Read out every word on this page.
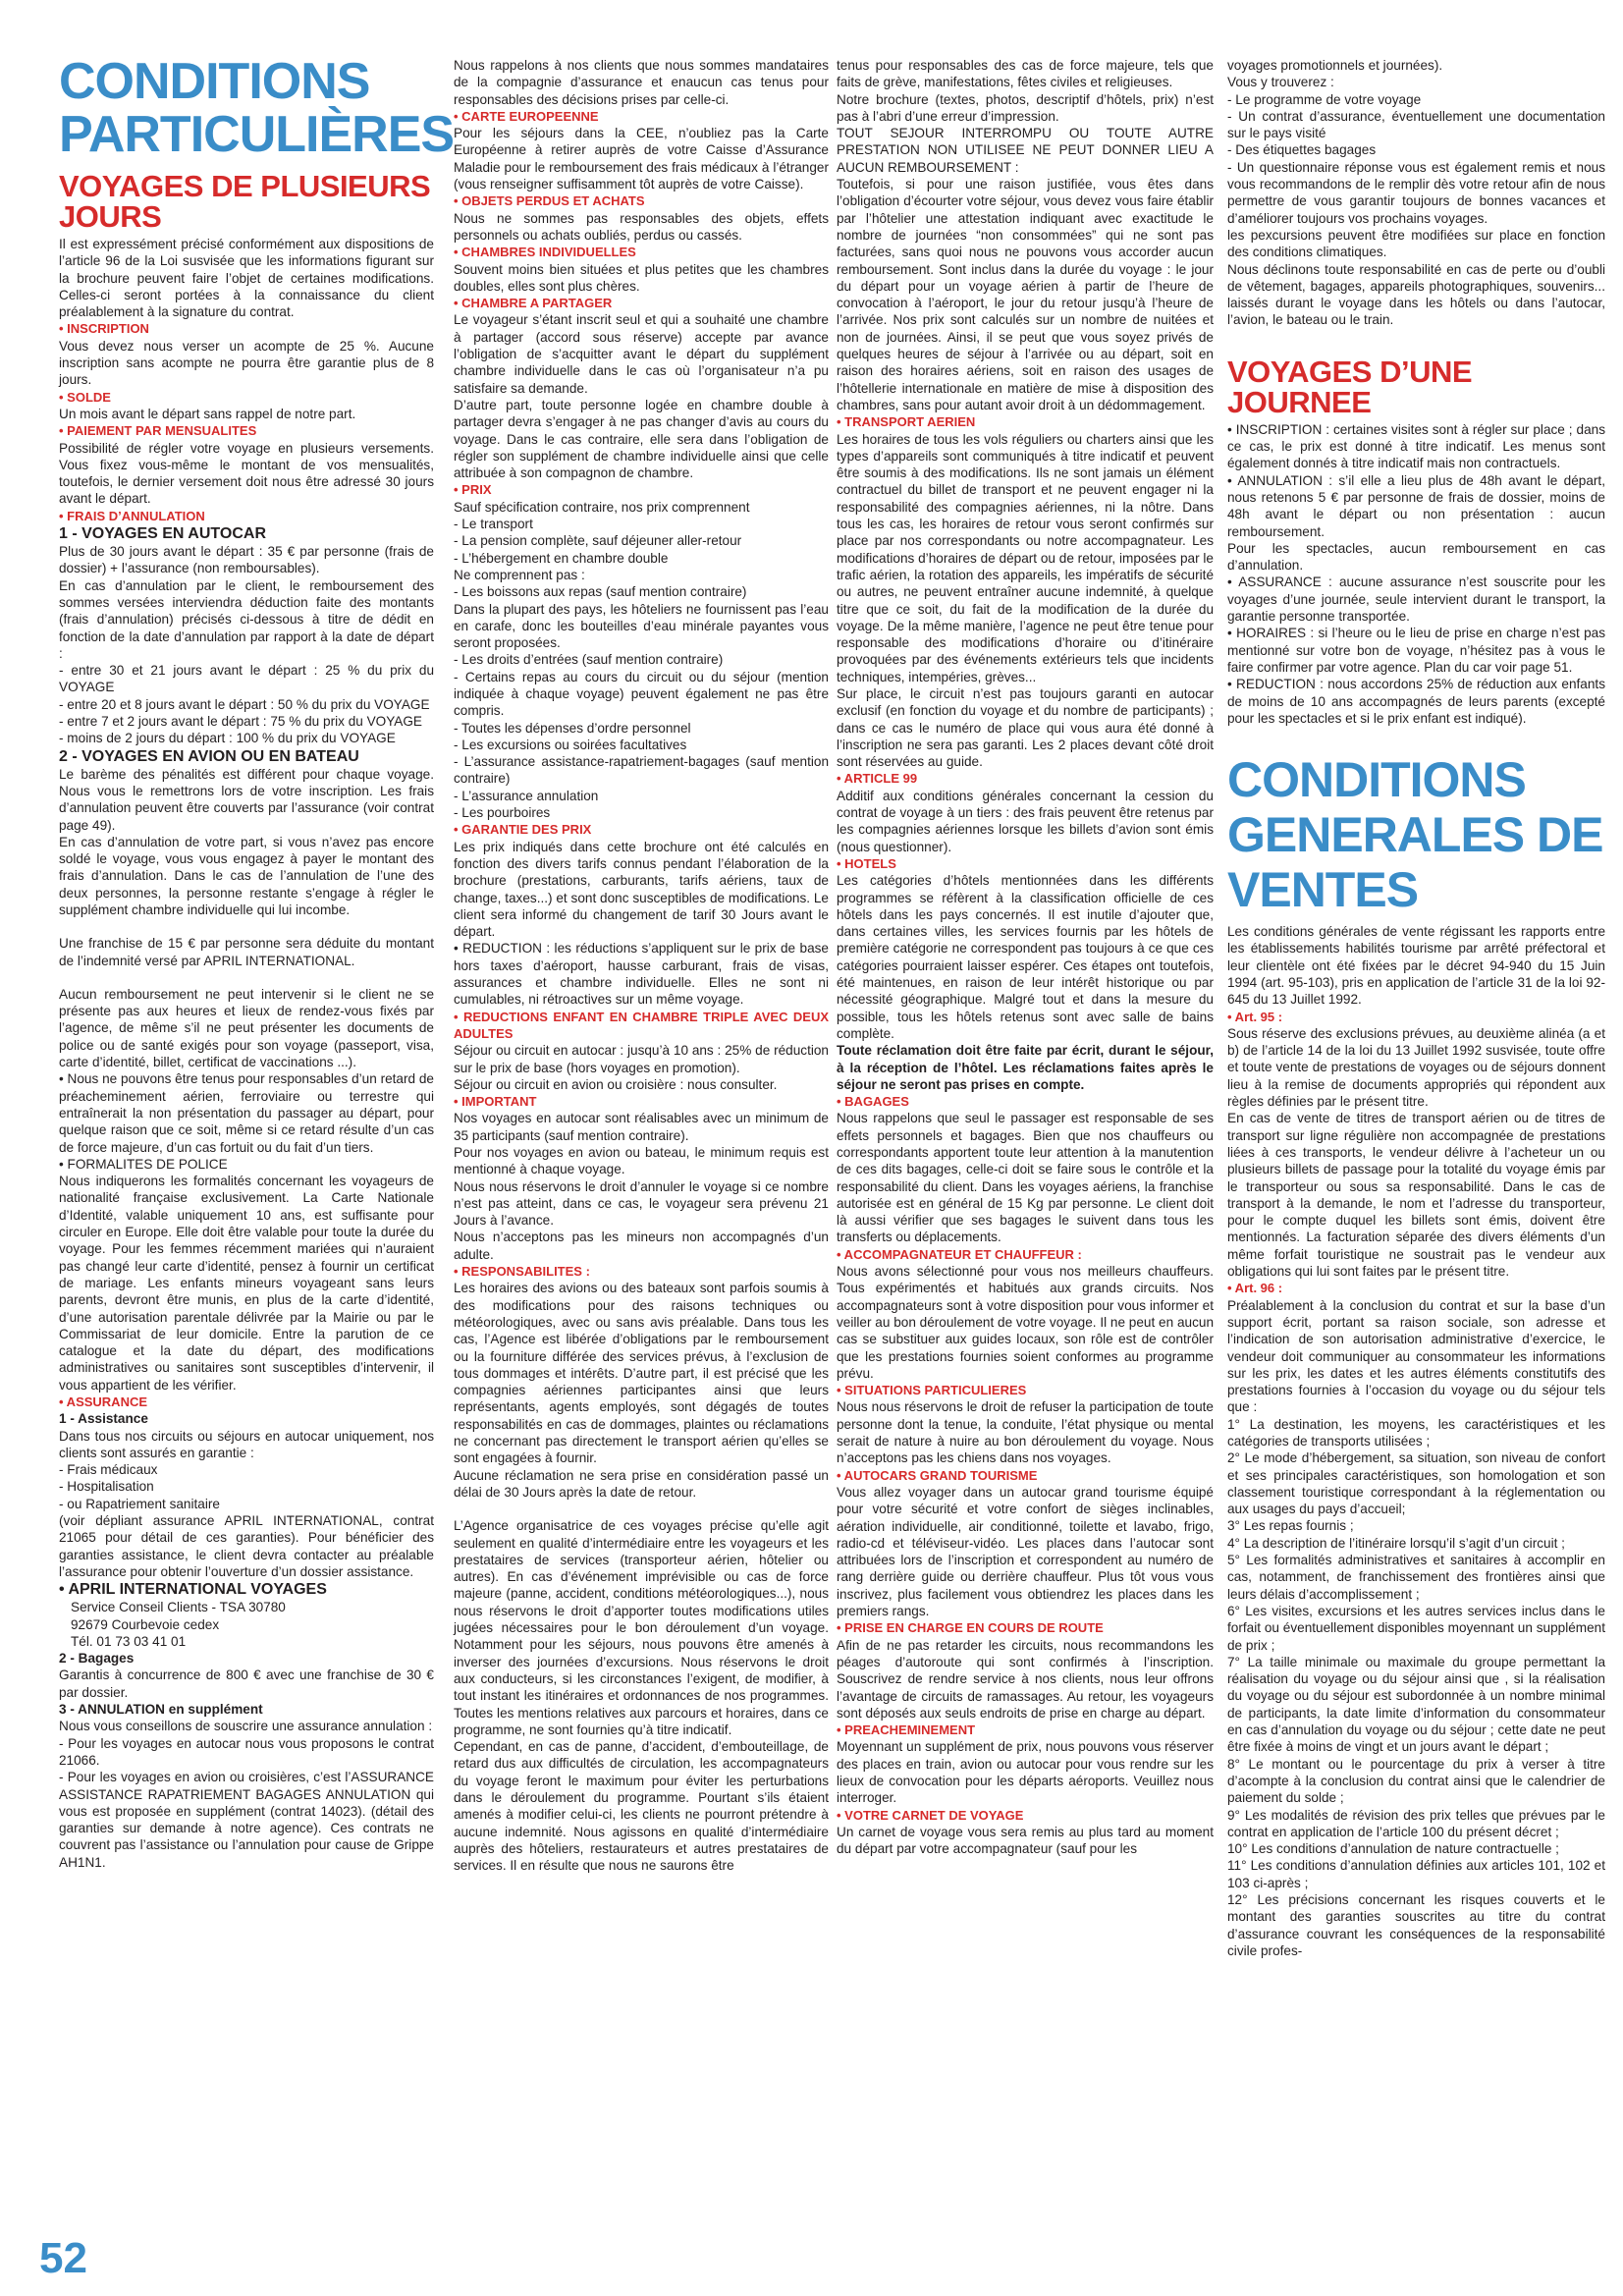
CONDITIONS PARTICULIÈRES
VOYAGES DE PLUSIEURS JOURS

Il est expressément précisé conformément aux dispositions de l’article 96 de la Loi susvisée que les informations figurant sur la brochure peuvent faire l’objet de certaines modifications. Celles-ci seront portées à la connaissance du client préalablement à la signature du contrat.

• INSCRIPTION

Vous devez nous verser un acompte de 25 %. Aucune inscription sans acompte ne pourra être garantie plus de 8 jours.

• SOLDE

Un mois avant le départ sans rappel de notre part.

• PAIEMENT PAR MENSUALITES

Possibilité de régler votre voyage en plusieurs versements. Vous fixez vous-même le montant de vos mensualités, toutefois, le dernier versement doit nous être adressé 30 jours avant le départ.

• FRAIS D’ANNULATION

1 - VOYAGES EN AUTOCAR

Plus de 30 jours avant le départ : 35 € par personne (frais de dossier) + l’assurance (non remboursables).

En cas d’annulation par le client, le remboursement des sommes versées interviendra déduction faite des montants (frais d’annulation) précisés ci-dessous à titre de dédit en fonction de la date d’annulation par rapport à la date de départ :

- entre 30 et 21 jours avant le départ : 25 % du prix du VOYAGE

- entre 20 et 8 jours avant le départ : 50 % du prix du VOYAGE

- entre 7 et 2 jours avant le départ : 75 % du prix du VOYAGE

- moins de 2 jours du départ : 100 % du prix du VOYAGE

2 - VOYAGES EN AVION OU EN BATEAU

Le barème des pénalités est différent pour chaque voyage. Nous vous le remettrons lors de votre inscription. Les frais d’annulation peuvent être couverts par l’assurance (voir contrat page 49).

En cas d’annulation de votre part, si vous n’avez pas encore soldé le voyage, vous vous engagez à payer le montant des frais d’annulation. Dans le cas de l’annulation de l’une des deux personnes, la personne restante s’engage à régler le supplément chambre individuelle qui lui incombe.

Une franchise de 15 € par personne sera déduite du montant de l’indemnité versé par APRIL INTERNATIONAL.

Aucun remboursement ne peut intervenir si le client ne se présente pas aux heures et lieux de rendez-vous fixés par l’agence, de même s’il ne peut présenter les documents de police ou de santé exigés pour son voyage (passeport, visa, carte d’identité, billet, certificat de vaccinations ...).

• Nous ne pouvons être tenus pour responsables d’un retard de préacheminement aérien, ferroviaire ou terrestre qui entraînerait la non présentation du passager au départ, pour quelque raison que ce soit, même si ce retard résulte d’un cas de force majeure, d’un cas fortuit ou du fait d’un tiers.

• FORMALITES DE POLICE

Nous indiquerons les formalités concernant les voyageurs de nationalité française exclusivement. La Carte Nationale d’Identité, valable uniquement 10 ans, est suffisante pour circuler en Europe. Elle doit être valable pour toute la durée du voyage. Pour les femmes récemment mariées qui n’auraient pas changé leur carte d’identité, pensez à fournir un certificat de mariage. Les enfants mineurs voyageant sans leurs parents, devront être munis, en plus de la carte d’identité, d’une autorisation parentale délivrée par la Mairie ou par le Commissariat de leur domicile. Entre la parution de ce catalogue et la date du départ, des modifications administratives ou sanitaires sont susceptibles d’intervenir, il vous appartient de les vérifier.

• ASSURANCE

1 - Assistance

Dans tous nos circuits ou séjours en autocar uniquement, nos clients sont assurés en garantie :

- Frais médicaux

- Hospitalisation

- ou Rapatriement sanitaire

(voir dépliant assurance APRIL INTERNATIONAL, contrat 21065 pour détail de ces garanties). Pour bénéficier des garanties assistance, le client devra contacter au préalable l’assurance pour obtenir l’ouverture d’un dossier assistance.

• APRIL INTERNATIONAL VOYAGES

Service Conseil Clients - TSA 30780

92679 Courbevoie cedex

Tél. 01 73 03 41 01

2 - Bagages

Garantis à concurrence de 800 € avec une franchise de 30 € par dossier.

3 - ANNULATION en supplément

Nous vous conseillons de souscrire une assurance annulation :

- Pour les voyages en autocar nous vous proposons le contrat 21066.

- Pour les voyages en avion ou croisières, c’est l’ASSURANCE ASSISTANCE RAPATRIEMENT BAGAGES ANNULATION qui vous est proposée en supplément (contrat 14023). (détail des garanties sur demande à notre agence). Ces contrats ne couvrent pas l’assistance ou l’annulation pour cause de Grippe AH1N1.

Nous rappelons à nos clients que nous sommes mandataires de la compagnie d’assurance et enaucun cas tenus pour responsables des décisions prises par celle-ci.

• CARTE EUROPEENNE

Pour les séjours dans la CEE, n’oubliez pas la Carte Européenne à retirer auprès de votre Caisse d’Assurance Maladie pour le remboursement des frais médicaux à l’étranger (vous renseigner suffisamment tôt auprès de votre Caisse).

• OBJETS PERDUS ET ACHATS

Nous ne sommes pas responsables des objets, effets personnels ou achats oubliés, perdus ou cassés.

• CHAMBRES INDIVIDUELLES

Souvent moins bien situées et plus petites que les chambres doubles, elles sont plus chères.

• CHAMBRE A PARTAGER

Le voyageur s’étant inscrit seul et qui a souhaité une chambre à partager (accord sous réserve) accepte par avance l’obligation de s’acquitter avant le départ du supplément chambre individuelle dans le cas où l’organisateur n’a pu satisfaire sa demande.

D’autre part, toute personne logée en chambre double à partager devra s’engager à ne pas changer d’avis au cours du voyage. Dans le cas contraire, elle sera dans l’obligation de régler son supplément de chambre individuelle ainsi que celle attribuée à son compagnon de chambre.

• PRIX

Sauf spécification contraire, nos prix comprennent

- Le transport

- La pension complète, sauf déjeuner aller-retour

- L’hébergement en chambre double

Ne comprennent pas :

- Les boissons aux repas (sauf mention contraire)

Dans la plupart des pays, les hôteliers ne fournissent pas l’eau en carafe, donc les bouteilles d’eau minérale payantes vous seront proposées.

- Les droits d’entrées (sauf mention contraire)

- Certains repas au cours du circuit ou du séjour (mention indiquée à chaque voyage) peuvent également ne pas être compris.

- Toutes les dépenses d’ordre personnel

- Les excursions ou soirées facultatives

- L’assurance assistance-rapatriement-bagages (sauf mention contraire)

- L’assurance annulation

- Les pourboires

• GARANTIE DES PRIX

Les prix indiqués dans cette brochure ont été calculés en fonction des divers tarifs connus pendant l’élaboration de la brochure (prestations, carburants, tarifs aériens, taux de change, taxes...) et sont donc susceptibles de modifications. Le client sera informé du changement de tarif 30 Jours avant le départ.

• REDUCTION : les réductions s’appliquent sur le prix de base hors taxes d’aéroport, hausse carburant, frais de visas, assurances et chambre individuelle. Elles ne sont ni cumulables, ni rétroactives sur un même voyage.

• REDUCTIONS ENFANT EN CHAMBRE TRIPLE AVEC DEUX ADULTES

Séjour ou circuit en autocar : jusqu’à 10 ans : 25% de réduction sur le prix de base (hors voyages en promotion).

Séjour ou circuit en avion ou croisière : nous consulter.

• IMPORTANT

Nos voyages en autocar sont réalisables avec un minimum de 35 participants (sauf mention contraire).

Pour nos voyages en avion ou bateau, le minimum requis est mentionné à chaque voyage.

Nous nous réservons le droit d’annuler le voyage si ce nombre n’est pas atteint, dans ce cas, le voyageur sera prévenu 21 Jours à l’avance.

Nous n’acceptons pas les mineurs non accompagnés d’un adulte.

• RESPONSABILITES :

Les horaires des avions ou des bateaux sont parfois soumis à des modifications pour des raisons techniques ou météorologiques, avec ou sans avis préalable. Dans tous les cas, l’Agence est libérée d’obligations par le remboursement ou la fourniture différée des services prévus, à l’exclusion de tous dommages et intérêts. D’autre part, il est précisé que les compagnies aériennes participantes ainsi que leurs représentants, agents employés, sont dégagés de toutes responsabilités en cas de dommages, plaintes ou réclamations ne concernant pas directement le transport aérien qu’elles se sont engagées à fournir.

Aucune réclamation ne sera prise en considération passé un délai de 30 Jours après la date de retour.

L’Agence organisatrice de ces voyages précise qu’elle agit seulement en qualité d’intermédiaire entre les voyageurs et les prestataires de services (transporteur aérien, hôtelier ou autres). En cas d’événement imprévisible ou cas de force majeure (panne, accident, conditions météorologiques...), nous nous réservons le droit d’apporter toutes modifications utiles jugées nécessaires pour le bon déroulement d’un voyage. Notamment pour les séjours, nous pouvons être amenés à inverser des journées d’excursions. Nous réservons le droit aux conducteurs, si les circonstances l’exigent, de modifier, à tout instant les itinéraires et ordonnances de nos programmes. Toutes les mentions relatives aux parcours et horaires, dans ce programme, ne sont fournies qu’à titre indicatif.

Cependant, en cas de panne, d’accident, d’embouteillage, de retard dus aux difficultés de circulation, les accompagnateurs du voyage feront le maximum pour éviter les perturbations dans le déroulement du programme. Pourtant s’ils étaient amenés à modifier celui-ci, les clients ne pourront prétendre à aucune indemnité. Nous agissons en qualité d’intermédiaire auprès des hôteliers, restaurateurs et autres prestataires de services. Il en résulte que nous ne saurons être

tenus pour responsables des cas de force majeure, tels que faits de grève, manifestations, fêtes civiles et religieuses.

Notre brochure (textes, photos, descriptif d’hôtels, prix) n’est pas à l’abri d’une erreur d’impression.

TOUT SEJOUR INTERROMPU OU TOUTE AUTRE PRESTATION NON UTILISEE NE PEUT DONNER LIEU A AUCUN REMBOURSEMENT :

Toutefois, si pour une raison justifiée, vous êtes dans l’obligation d’écourter votre séjour, vous devez vous faire établir par l’hôtelier une attestation indiquant avec exactitude le nombre de journées “non consommées” qui ne sont pas facturées, sans quoi nous ne pouvons vous accorder aucun remboursement. Sont inclus dans la durée du voyage : le jour du départ pour un voyage aérien à partir de l’heure de convocation à l’aéroport, le jour du retour jusqu’à l’heure de l’arrivée. Nos prix sont calculés sur un nombre de nuitées et non de journées. Ainsi, il se peut que vous soyez privés de quelques heures de séjour à l’arrivée ou au départ, soit en raison des horaires aériens, soit en raison des usages de l’hôtellerie internationale en matière de mise à disposition des chambres, sans pour autant avoir droit à un dédommagement.

• TRANSPORT AERIEN

Les horaires de tous les vols réguliers ou charters ainsi que les types d’appareils sont communiqués à titre indicatif et peuvent être soumis à des modifications. Ils ne sont jamais un élément contractuel du billet de transport et ne peuvent engager ni la responsabilité des compagnies aériennes, ni la nôtre. Dans tous les cas, les horaires de retour vous seront confirmés sur place par nos correspondants ou notre accompagnateur. Les modifications d’horaires de départ ou de retour, imposées par le trafic aérien, la rotation des appareils, les impératifs de sécurité ou autres, ne peuvent entraîner aucune indemnité, à quelque titre que ce soit, du fait de la modification de la durée du voyage. De la même manière, l’agence ne peut être tenue pour responsable des modifications d’horaire ou d’itinéraire provoquées par des événements extérieurs tels que incidents techniques, intempéries, grèves...

Sur place, le circuit n’est pas toujours garanti en autocar exclusif (en fonction du voyage et du nombre de participants) ; dans ce cas le numéro de place qui vous aura été donné à l’inscription ne sera pas garanti. Les 2 places devant côté droit sont réservées au guide.

• ARTICLE 99

Additif aux conditions générales concernant la cession du contrat de voyage à un tiers : des frais peuvent être retenus par les compagnies aériennes lorsque les billets d’avion sont émis (nous questionner).

• HOTELS

Les catégories d’hôtels mentionnées dans les différents programmes se réfèrent à la classification officielle de ces hôtels dans les pays concernés. Il est inutile d’ajouter que, dans certaines villes, les services fournis par les hôtels de première catégorie ne correspondent pas toujours à ce que ces catégories pourraient laisser espérer. Ces étapes ont toutefois, été maintenues, en raison de leur intérêt historique ou par nécessité géographique. Malgré tout et dans la mesure du possible, tous les hôtels retenus sont avec salle de bains complète.

Toute réclamation doit être faite par écrit, durant le séjour, à la réception de l’hôtel. Les réclamations faites après le séjour ne seront pas prises en compte.

• BAGAGES

Nous rappelons que seul le passager est responsable de ses effets personnels et bagages. Bien que nos chauffeurs ou correspondants apportent toute leur attention à la manutention de ces dits bagages, celle-ci doit se faire sous le contrôle et la responsabilité du client. Dans les voyages aériens, la franchise autorisée est en général de 15 Kg par personne. Le client doit là aussi vérifier que ses bagages le suivent dans tous les transferts ou déplacements.

• ACCOMPAGNATEUR ET CHAUFFEUR :

Nous avons sélectionné pour vous nos meilleurs chauffeurs. Tous expérimentés et habitués aux grands circuits. Nos accompagnateurs sont à votre disposition pour vous informer et veiller au bon déroulement de votre voyage. Il ne peut en aucun cas se substituer aux guides locaux, son rôle est de contrôler que les prestations fournies soient conformes au programme prévu.

• SITUATIONS PARTICULIERES

Nous nous réservons le droit de refuser la participation de toute personne dont la tenue, la conduite, l’état physique ou mental serait de nature à nuire au bon déroulement du voyage. Nous n’acceptons pas les chiens dans nos voyages.

• AUTOCARS GRAND TOURISME

Vous allez voyager dans un autocar grand tourisme équipé pour votre sécurité et votre confort de sièges inclinables, aération individuelle, air conditionné, toilette et lavabo, frigo, radio-cd et téléviseur-vidéo. Les places dans l’autocar sont attribuées lors de l’inscription et correspondent au numéro de rang derrière guide ou derrière chauffeur. Plus tôt vous vous inscrivez, plus facilement vous obtiendrez les places dans les premiers rangs.

• PRISE EN CHARGE EN COURS DE ROUTE

Afin de ne pas retarder les circuits, nous recommandons les péages d’autoroute qui sont confirmés à l’inscription. Souscrivez de rendre service à nos clients, nous leur offrons l’avantage de circuits de ramassages. Au retour, les voyageurs sont déposés aux seuls endroits de prise en charge au départ.

• PREACHEMINEMENT

Moyennant un supplément de prix, nous pouvons vous réserver des places en train, avion ou autocar pour vous rendre sur les lieux de convocation pour les départs aéroports. Veuillez nous interroger.

• VOTRE CARNET DE VOYAGE

Un carnet de voyage vous sera remis au plus tard au moment du départ par votre accompagnateur (sauf pour les

voyages promotionnels et journées).

Vous y trouverez :

- Le programme de votre voyage

- Un contrat d’assurance, éventuellement une documentation sur le pays visité

- Des étiquettes bagages

- Un questionnaire réponse vous est également remis et nous vous recommandons de le remplir dès votre retour afin de nous permettre de vous garantir toujours de bonnes vacances et d’améliorer toujours vos prochains voyages.

les pexcursions peuvent être modifiées sur place en fonction des conditions climatiques.

Nous déclinons toute responsabilité en cas de perte ou d’oubli de vêtement, bagages, appareils photographiques, souvenirs... laissés durant le voyage dans les hôtels ou dans l’autocar, l’avion, le bateau ou le train.

VOYAGES D’UNE JOURNEE

• INSCRIPTION : certaines visites sont à régler sur place ; dans ce cas, le prix est donné à titre indicatif. Les menus sont également donnés à titre indicatif mais non contractuels.

• ANNULATION : s’il elle a lieu plus de 48h avant le départ, nous retenons 5 € par personne de frais de dossier, moins de 48h avant le départ ou non présentation : aucun remboursement.

Pour les spectacles, aucun remboursement en cas d’annulation.

• ASSURANCE : aucune assurance n’est souscrite pour les voyages d’une journée, seule intervient durant le transport, la garantie personne transportée.

• HORAIRES : si l’heure ou le lieu de prise en charge n’est pas mentionné sur votre bon de voyage, n’hésitez pas à vous le faire confirmer par votre agence. Plan du car voir page 51.

• REDUCTION : nous accordons 25% de réduction aux enfants de moins de 10 ans accompagnés de leurs parents (excepté pour les spectacles et si le prix enfant est indiqué).

CONDITIONS GENERALES DE VENTES

Les conditions générales de vente régissant les rapports entre les établissements habilités tourisme par arrêté préfectoral et leur clientèle ont été fixées par le décret 94-940 du 15 Juin 1994 (art. 95-103), pris en application de l’article 31 de la loi 92-645 du 13 Juillet 1992.

• Art. 95 :

Sous réserve des exclusions prévues, au deuxième alinéa (a et b) de l’article 14 de la loi du 13 Juillet 1992 susvisée, toute offre et toute vente de prestations de voyages ou de séjours donnent lieu à la remise de documents appropriés qui répondent aux règles définies par le présent titre.

En cas de vente de titres de transport aérien ou de titres de transport sur ligne régulière non accompagnée de prestations liées à ces transports, le vendeur délivre à l’acheteur un ou plusieurs billets de passage pour la totalité du voyage émis par le transporteur ou sous sa responsabilité. Dans le cas de transport à la demande, le nom et l’adresse du transporteur, pour le compte duquel les billets sont émis, doivent être mentionnés. La facturation séparée des divers éléments d’un même forfait touristique ne soustrait pas le vendeur aux obligations qui lui sont faites par le présent titre.

• Art. 96 :

Préalablement à la conclusion du contrat et sur la base d’un support écrit, portant sa raison sociale, son adresse et l’indication de son autorisation administrative d’exercice, le vendeur doit communiquer au consommateur les informations sur les prix, les dates et les autres éléments constitutifs des prestations fournies à l’occasion du voyage ou du séjour tels que :

1° La destination, les moyens, les caractéristiques et les catégories de transports utilisées ;

2° Le mode d’hébergement, sa situation, son niveau de confort et ses principales caractéristiques, son homologation et son classement touristique correspondant à la réglementation ou aux usages du pays d’accueil;

3° Les repas fournis ;

4° La description de l’itinéraire lorsqu’il s’agit d’un circuit ;

5° Les formalités administratives et sanitaires à accomplir en cas, notamment, de franchissement des frontières ainsi que leurs délais d’accomplissement ;

6° Les visites, excursions et les autres services inclus dans le forfait ou éventuellement disponibles moyennant un supplément de prix ;

7° La taille minimale ou maximale du groupe permettant la réalisation du voyage ou du séjour ainsi que , si la réalisation du voyage ou du séjour est subordonnée à un nombre minimal de participants, la date limite d’information du consommateur en cas d’annulation du voyage ou du séjour ; cette date ne peut être fixée à moins de vingt et un jours avant le départ ;

8° Le montant ou le pourcentage du prix à verser à titre d’acompte à la conclusion du contrat ainsi que le calendrier de paiement du solde ;

9° Les modalités de révision des prix telles que prévues par le contrat en application de l’article 100 du présent décret ;

10° Les conditions d’annulation de nature contractuelle ;

11° Les conditions d’annulation définies aux articles 101, 102 et 103 ci-après ;

12° Les précisions concernant les risques couverts et le montant des garanties souscrites au titre du contrat d’assurance couvrant les conséquences de la responsabilité civile profes-

52
